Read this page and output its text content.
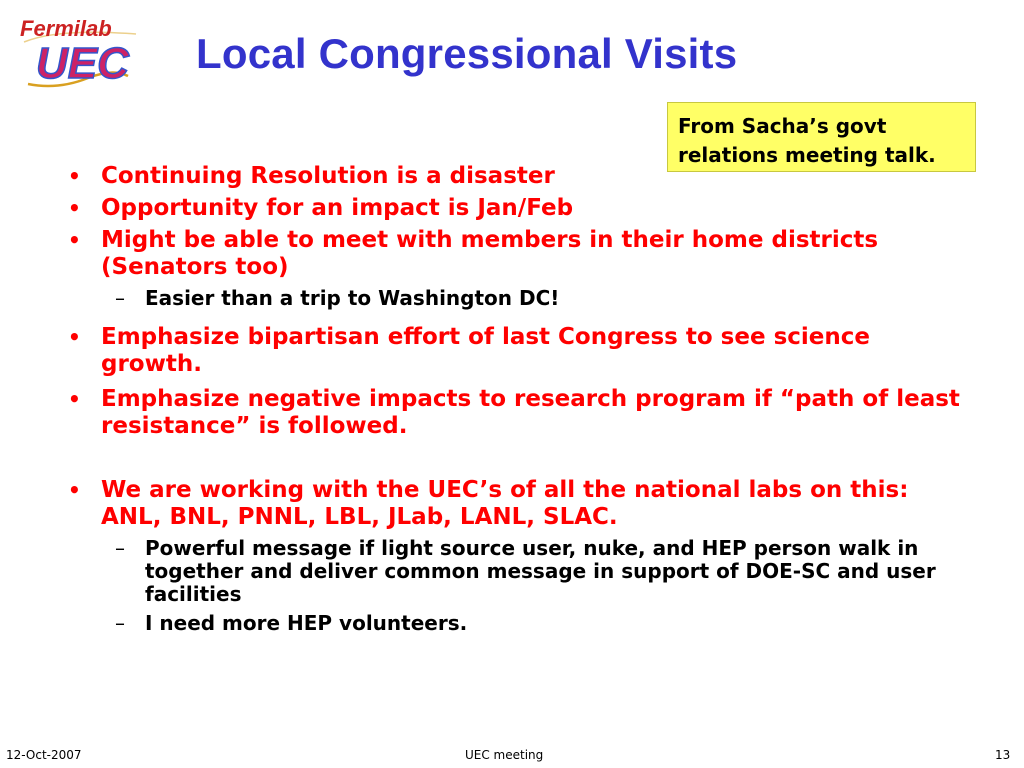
Fermilab
UEC Local Congressional Visits
From Sacha’s govt relations meeting talk.
• Continuing Resolution is a disaster
• Opportunity for an impact is Jan/Feb
• Might be able to meet with members in their home districts (Senators too)
– Easier than a trip to Washington DC!
• Emphasize bipartisan effort of last Congress to see science growth.
• Emphasize negative impacts to research program if “path of least resistance” is followed.
• We are working with the UEC’s of all the national labs on this: ANL, BNL, PNNL, LBL, JLab, LANL, SLAC.
– Powerful message if light source user, nuke, and HEP person walk in together and deliver common message in support of DOE-SC and user facilities
– I need more HEP volunteers.
12-Oct-2007	UEC meeting	13
